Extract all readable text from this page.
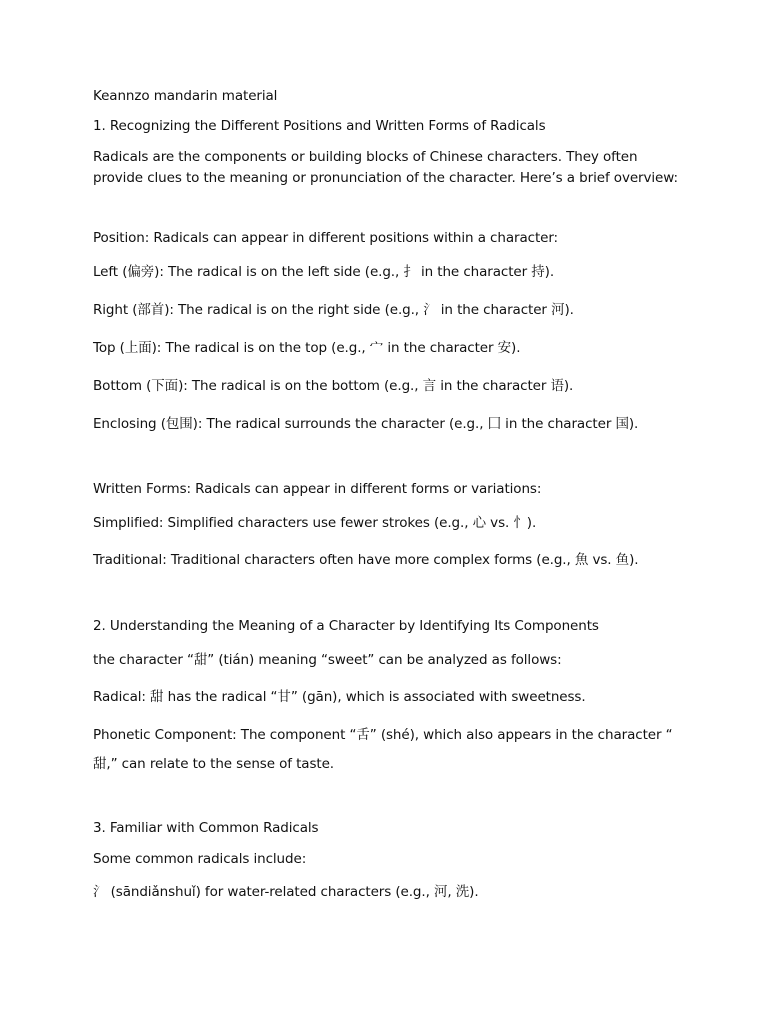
Keannzo mandarin material
1. Recognizing the Different Positions and Written Forms of Radicals
Radicals are the components or building blocks of Chinese characters. They often provide clues to the meaning or pronunciation of the character. Here’s a brief overview:
Position: Radicals can appear in different positions within a character:
Left (偏旁): The radical is on the left side (e.g., 扌 in the character 持).
Right (部首): The radical is on the right side (e.g., 氵 in the character 河).
Top (上面): The radical is on the top (e.g., 宀 in the character 安).
Bottom (下面): The radical is on the bottom (e.g., 言 in the character 语).
Enclosing (包围): The radical surrounds the character (e.g., 囗 in the character 国).
Written Forms: Radicals can appear in different forms or variations:
Simplified: Simplified characters use fewer strokes (e.g., 心 vs. 忄).
Traditional: Traditional characters often have more complex forms (e.g., 魚 vs. 鱼).
2. Understanding the Meaning of a Character by Identifying Its Components
the character “甜” (tián) meaning “sweet” can be analyzed as follows:
Radical: 甜 has the radical “甘” (gān), which is associated with sweetness.
Phonetic Component: The component “舌” (shé), which also appears in the character “
甜,” can relate to the sense of taste.
3. Familiar with Common Radicals
Some common radicals include:
氵 (sāndiǎnshuǐ) for water-related characters (e.g., 河, 洗).
